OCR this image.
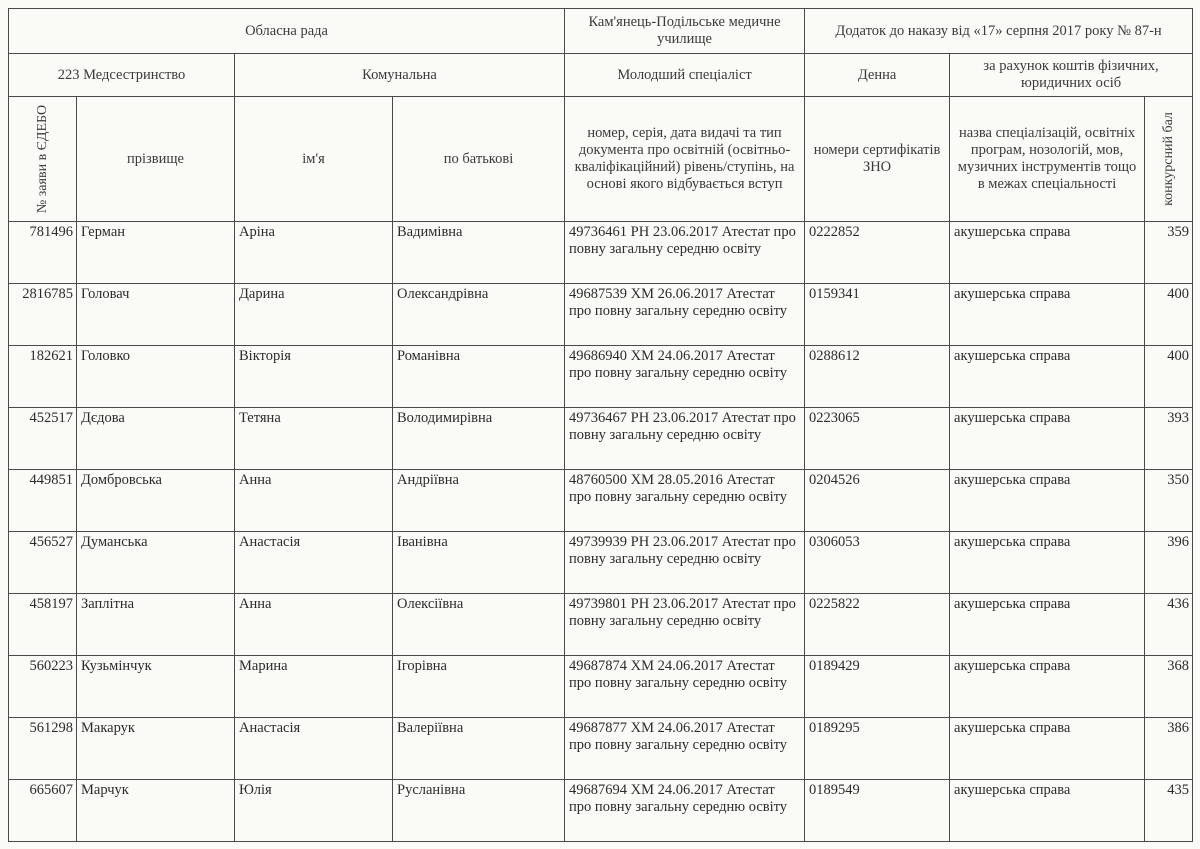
Обласна рада				Кам'янець-Подільське медичне училище	Додаток до наказу від «17» серпня 2017 року № 87-н		
223 Медсестринство		Комунальна		Молодший спеціаліст	Денна	за рахунок коштів фізичних, юридичних осіб	

№ заяви в ЄДЕБО	прізвище	ім'я	по батькові	номер, серія, дата видачі та тип документа про освітній (освітньо-кваліфікаційний) рівень/ступінь, на основі якого відбувається вступ	номери сертифікатів ЗНО	назва спеціалізацій, освітніх програм, нозологій, мов, музичних інструментів тощо в межах спеціальності	конкурсний бал

781496	Герман	Аріна	Вадимівна	49736461 РН 23.06.2017 Атестат про повну загальну середню освіту	0222852	акушерська справа	359
2816785	Головач	Дарина	Олександрівна	49687539 ХМ 26.06.2017 Атестат про повну загальну середню освіту	0159341	акушерська справа	400
182621	Головко	Вікторія	Романівна	49686940 ХМ 24.06.2017 Атестат про повну загальну середню освіту	0288612	акушерська справа	400
452517	Дєдова	Тетяна	Володимирівна	49736467 РН 23.06.2017 Атестат про повну загальну середню освіту	0223065	акушерська справа	393
449851	Домбровська	Анна	Андріївна	48760500 ХМ 28.05.2016 Атестат про повну загальну середню освіту	0204526	акушерська справа	350
456527	Думанська	Анастасія	Іванівна	49739939 РН 23.06.2017 Атестат про повну загальну середню освіту	0306053	акушерська справа	396
458197	Заплітна	Анна	Олексіївна	49739801 РН 23.06.2017 Атестат про повну загальну середню освіту	0225822	акушерська справа	436
560223	Кузьмінчук	Марина	Ігорівна	49687874 ХМ 24.06.2017 Атестат про повну загальну середню освіту	0189429	акушерська справа	368
561298	Макарук	Анастасія	Валеріївна	49687877 ХМ 24.06.2017 Атестат про повну загальну середню освіту	0189295	акушерська справа	386
665607	Марчук	Юлія	Русланівна	49687694 ХМ 24.06.2017 Атестат про повну загальну середню освіту	0189549	акушерська справа	435
